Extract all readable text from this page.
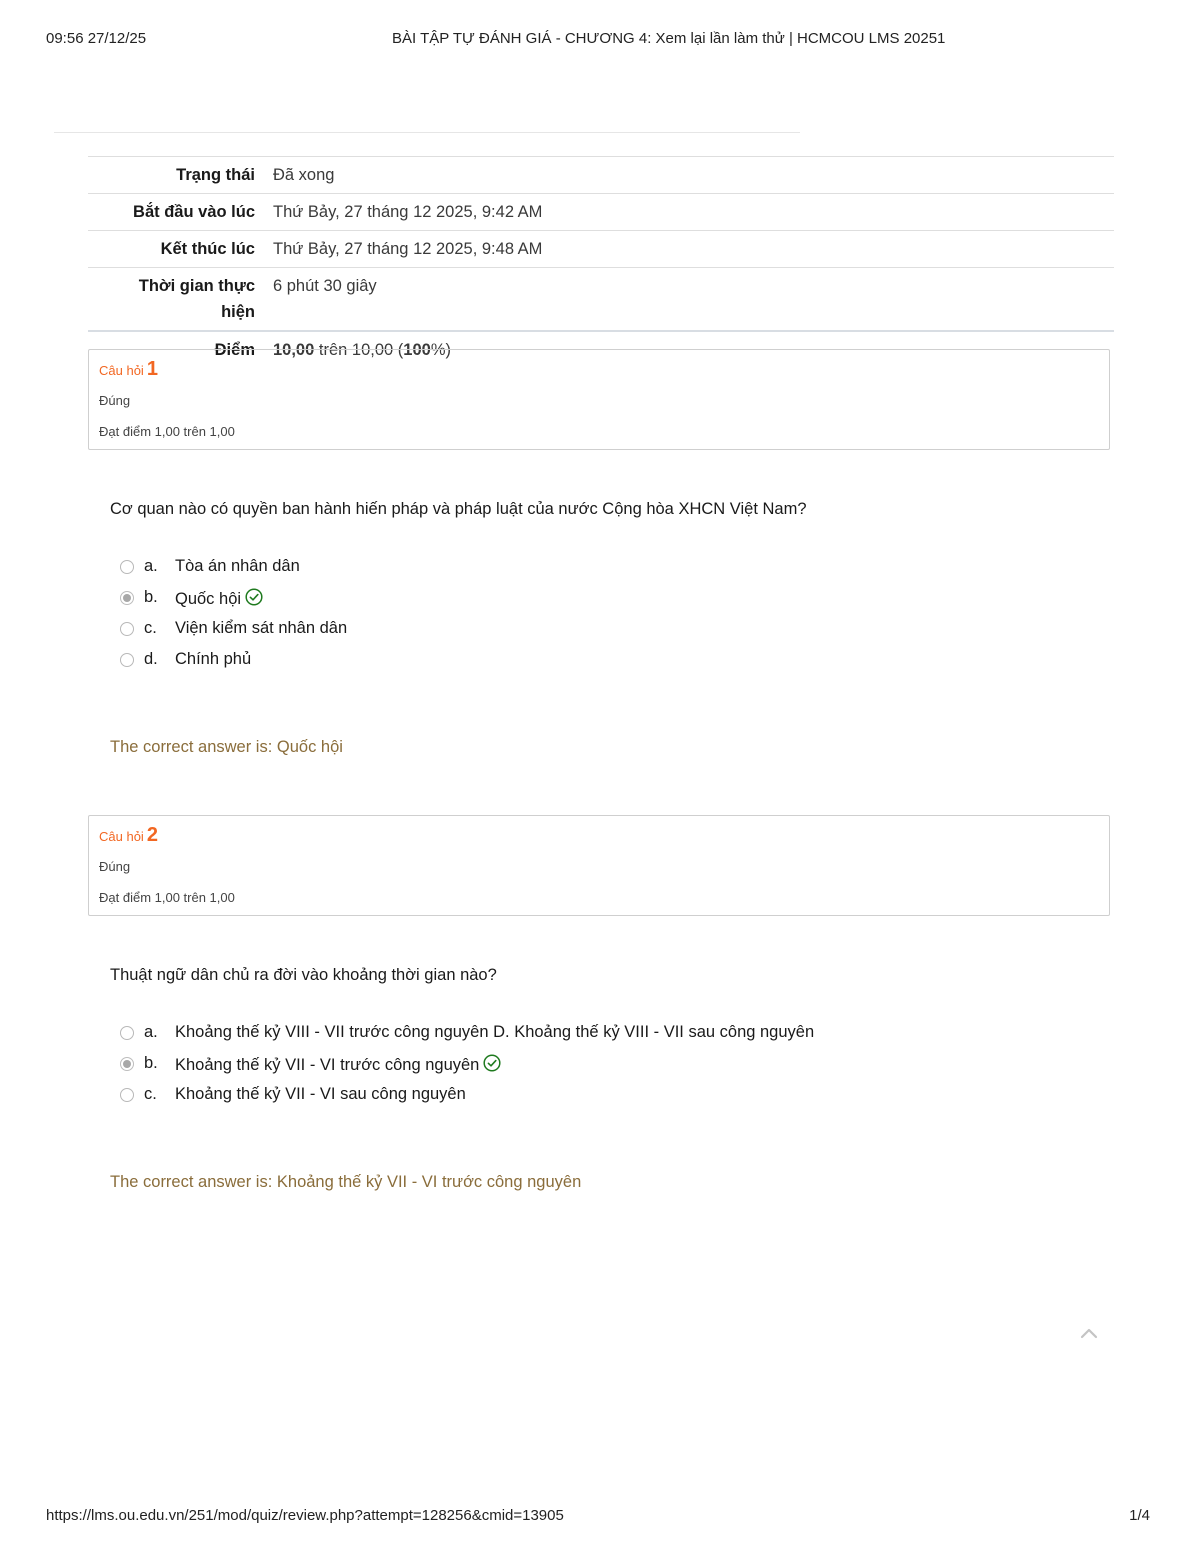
09:56 27/12/25	BÀI TẬP TỰ ĐÁNH GIÁ - CHƯƠNG 4: Xem lại lần làm thử | HCMCOU LMS 20251
Trạng thái	Đã xong
Bắt đầu vào lúc	Thứ Bảy, 27 tháng 12 2025, 9:42 AM
Kết thúc lúc	Thứ Bảy, 27 tháng 12 2025, 9:48 AM
Thời gian thực
hiện	6 phút 30 giây
Điểm	10,00 trên 10,00 (100%)
Câu hỏi 1
Đúng
Đạt điểm 1,00 trên 1,00
Cơ quan nào có quyền ban hành hiến pháp và pháp luật của nước Cộng hòa XHCN Việt Nam?
a. Tòa án nhân dân
b. Quốc hội
c. Viện kiểm sát nhân dân
d. Chính phủ
The correct answer is: Quốc hội
Câu hỏi 2
Đúng
Đạt điểm 1,00 trên 1,00
Thuật ngữ dân chủ ra đời vào khoảng thời gian nào?
a. Khoảng thế kỷ VIII - VII trước công nguyên D. Khoảng thế kỷ VIII - VII sau công nguyên
b. Khoảng thế kỷ VII - VI trước công nguyên
c. Khoảng thế kỷ VII - VI sau công nguyên
The correct answer is: Khoảng thế kỷ VII - VI trước công nguyên
https://lms.ou.edu.vn/251/mod/quiz/review.php?attempt=128256&cmid=13905	1/4
